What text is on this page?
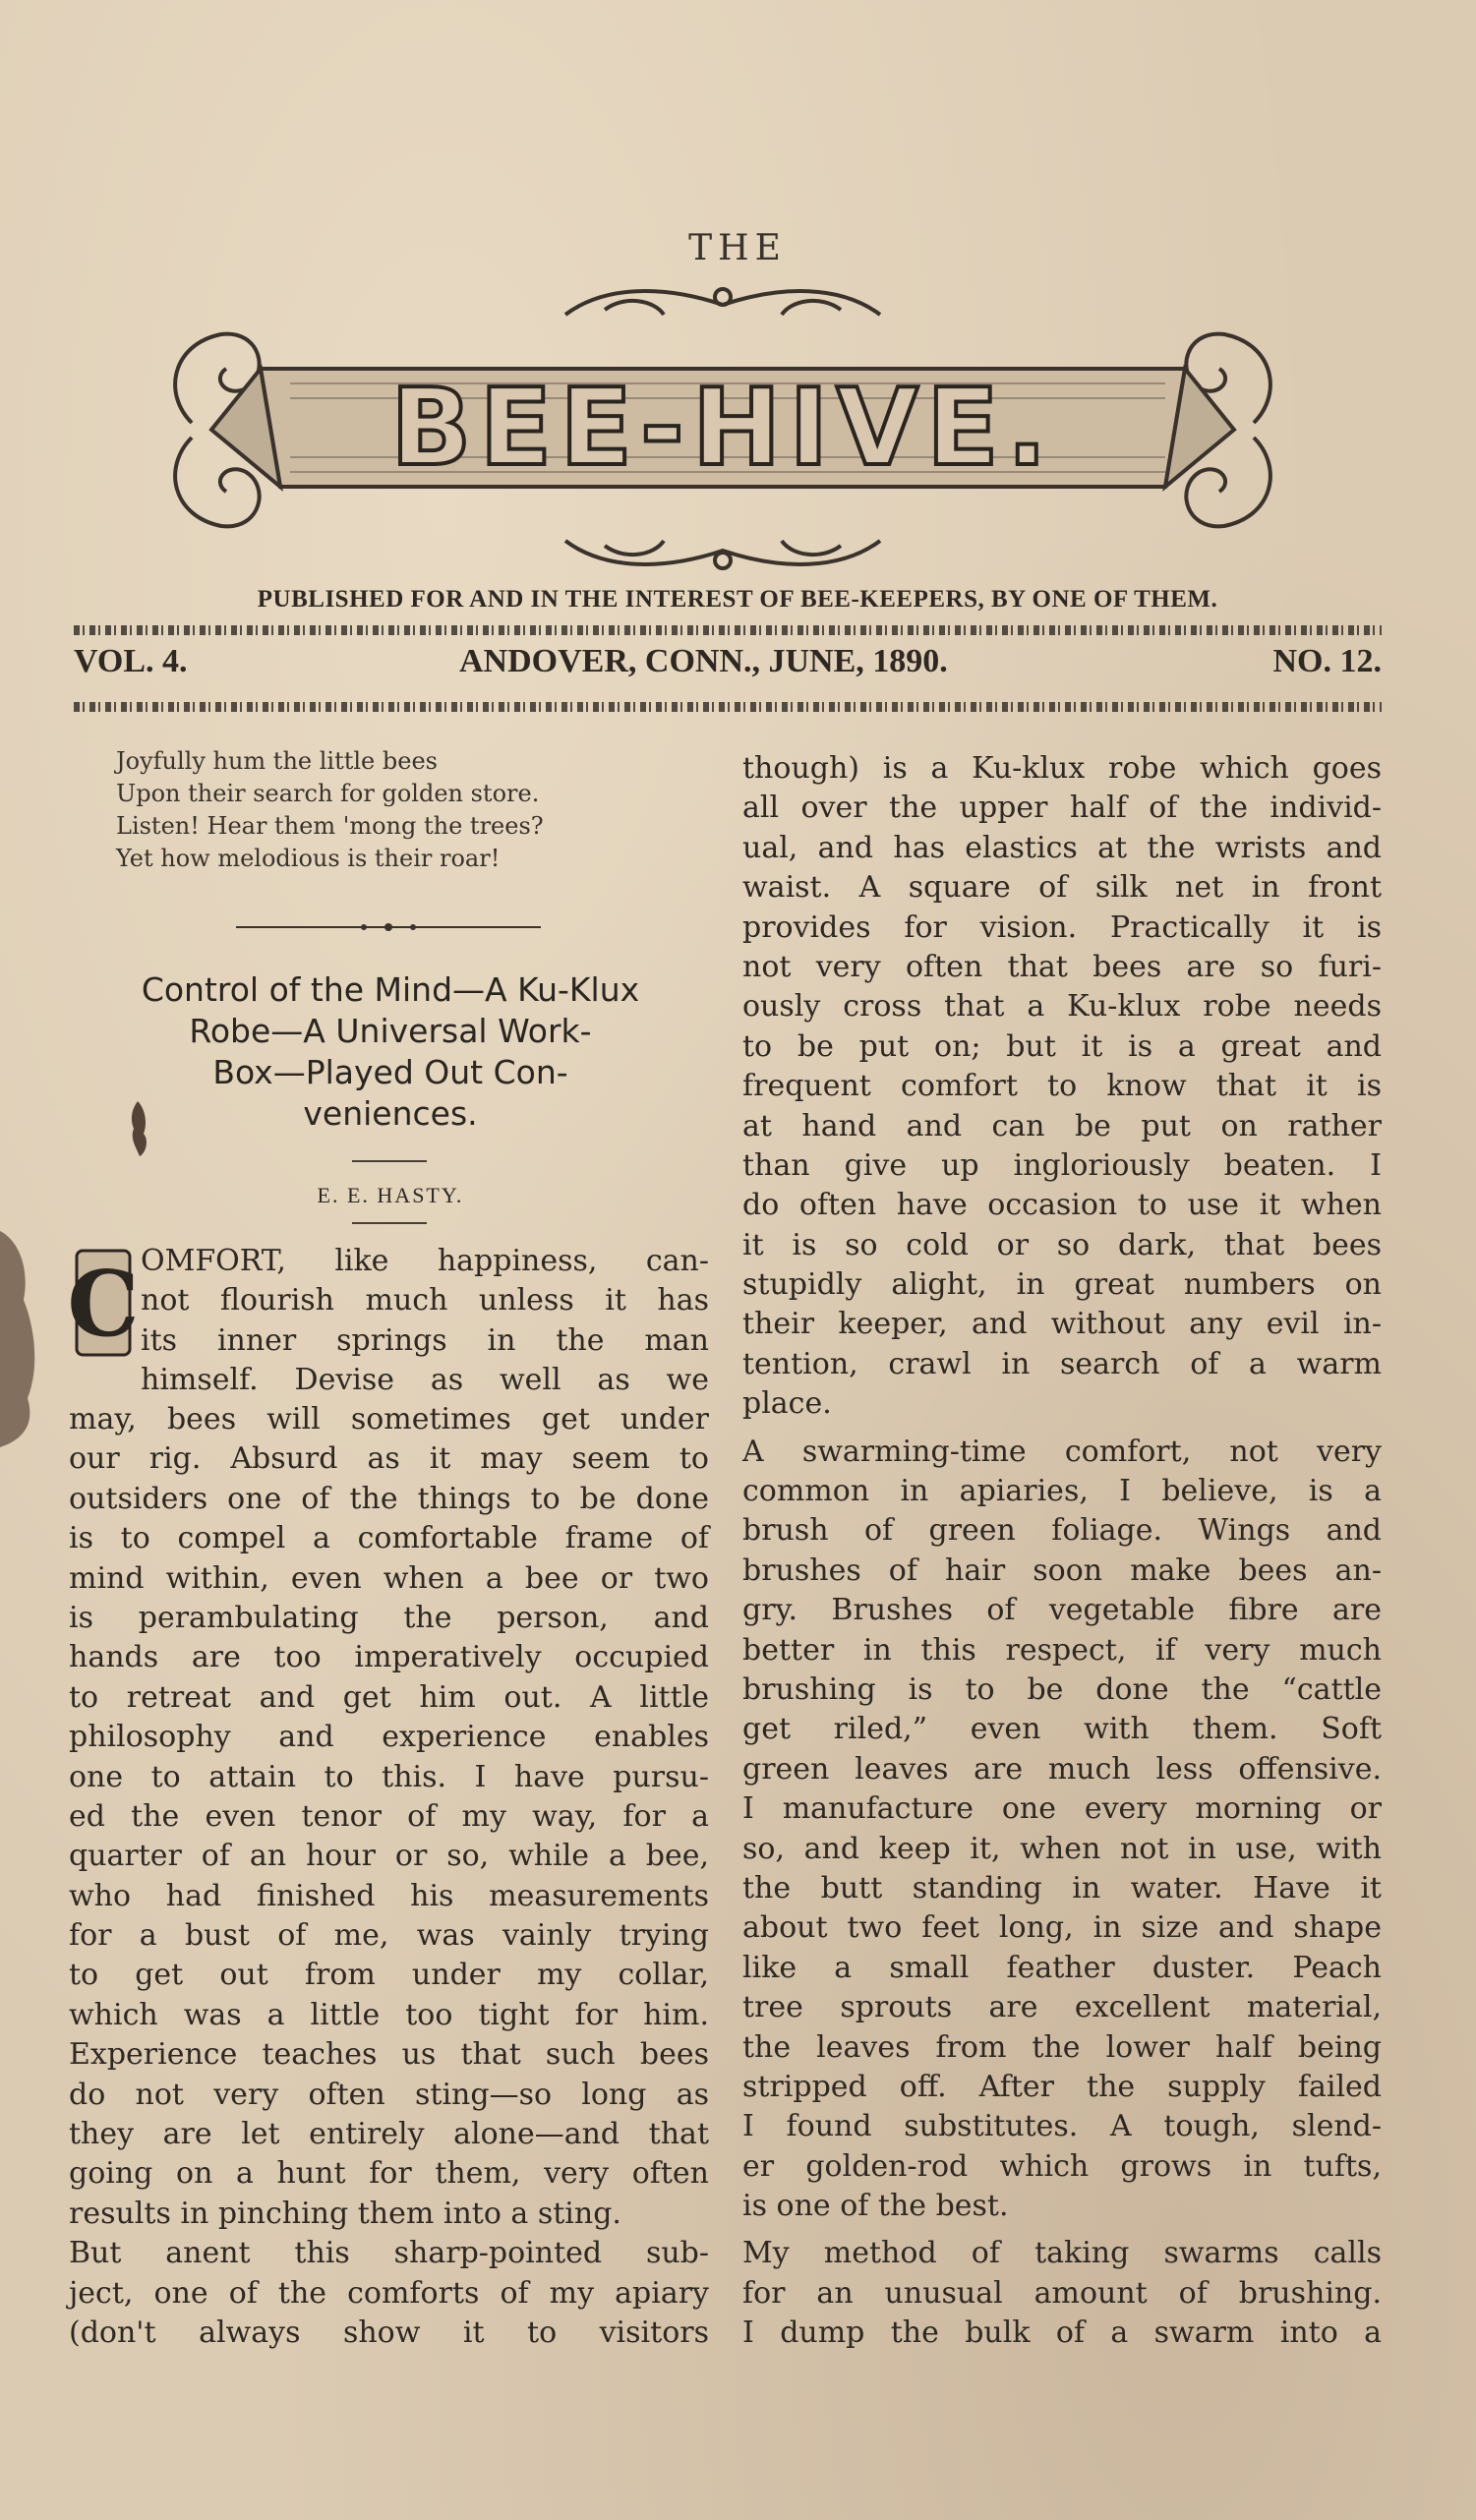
THE
BEE-HIVE.
PUBLISHED FOR AND IN THE INTEREST OF BEE-KEEPERS, BY ONE OF THEM.
VOL. 4.	ANDOVER, CONN., JUNE, 1890.	NO. 12.
Joyfully hum the little bees
Upon their search for golden store.
Listen! Hear them 'mong the trees?
Yet how melodious is their roar!
Control of the Mind—A Ku-Klux
Robe—A Universal Work-
Box—Played Out Con-
veniences.
E. E. HASTY.
C OMFORT, like happiness, can-
not flourish much unless it has
its inner springs in the man
himself. Devise as well as we
may, bees will sometimes get under
our rig. Absurd as it may seem to
outsiders one of the things to be done
is to compel a comfortable frame of
mind within, even when a bee or two
is perambulating the person, and
hands are too imperatively occupied
to retreat and get him out. A little
philosophy and experience enables
one to attain to this. I have pursu-
ed the even tenor of my way, for a
quarter of an hour or so, while a bee,
who had finished his measurements
for a bust of me, was vainly trying
to get out from under my collar,
which was a little too tight for him.
Experience teaches us that such bees
do not very often sting—so long as
they are let entirely alone—and that
going on a hunt for them, very often
results in pinching them into a sting.
But anent this sharp-pointed sub-
ject, one of the comforts of my apiary
(don't always show it to visitors
though) is a Ku-klux robe which goes
all over the upper half of the individ-
ual, and has elastics at the wrists and
waist. A square of silk net in front
provides for vision. Practically it is
not very often that bees are so furi-
ously cross that a Ku-klux robe needs
to be put on; but it is a great and
frequent comfort to know that it is
at hand and can be put on rather
than give up ingloriously beaten. I
do often have occasion to use it when
it is so cold or so dark, that bees
stupidly alight, in great numbers on
their keeper, and without any evil in-
tention, crawl in search of a warm
place.
A swarming-time comfort, not very
common in apiaries, I believe, is a
brush of green foliage. Wings and
brushes of hair soon make bees an-
gry. Brushes of vegetable fibre are
better in this respect, if very much
brushing is to be done the “cattle
get riled,” even with them. Soft
green leaves are much less offensive.
I manufacture one every morning or
so, and keep it, when not in use, with
the butt standing in water. Have it
about two feet long, in size and shape
like a small feather duster. Peach
tree sprouts are excellent material,
the leaves from the lower half being
stripped off. After the supply failed
I found substitutes. A tough, slend-
er golden-rod which grows in tufts,
is one of the best.
My method of taking swarms calls
for an unusual amount of brushing.
I dump the bulk of a swarm into a
